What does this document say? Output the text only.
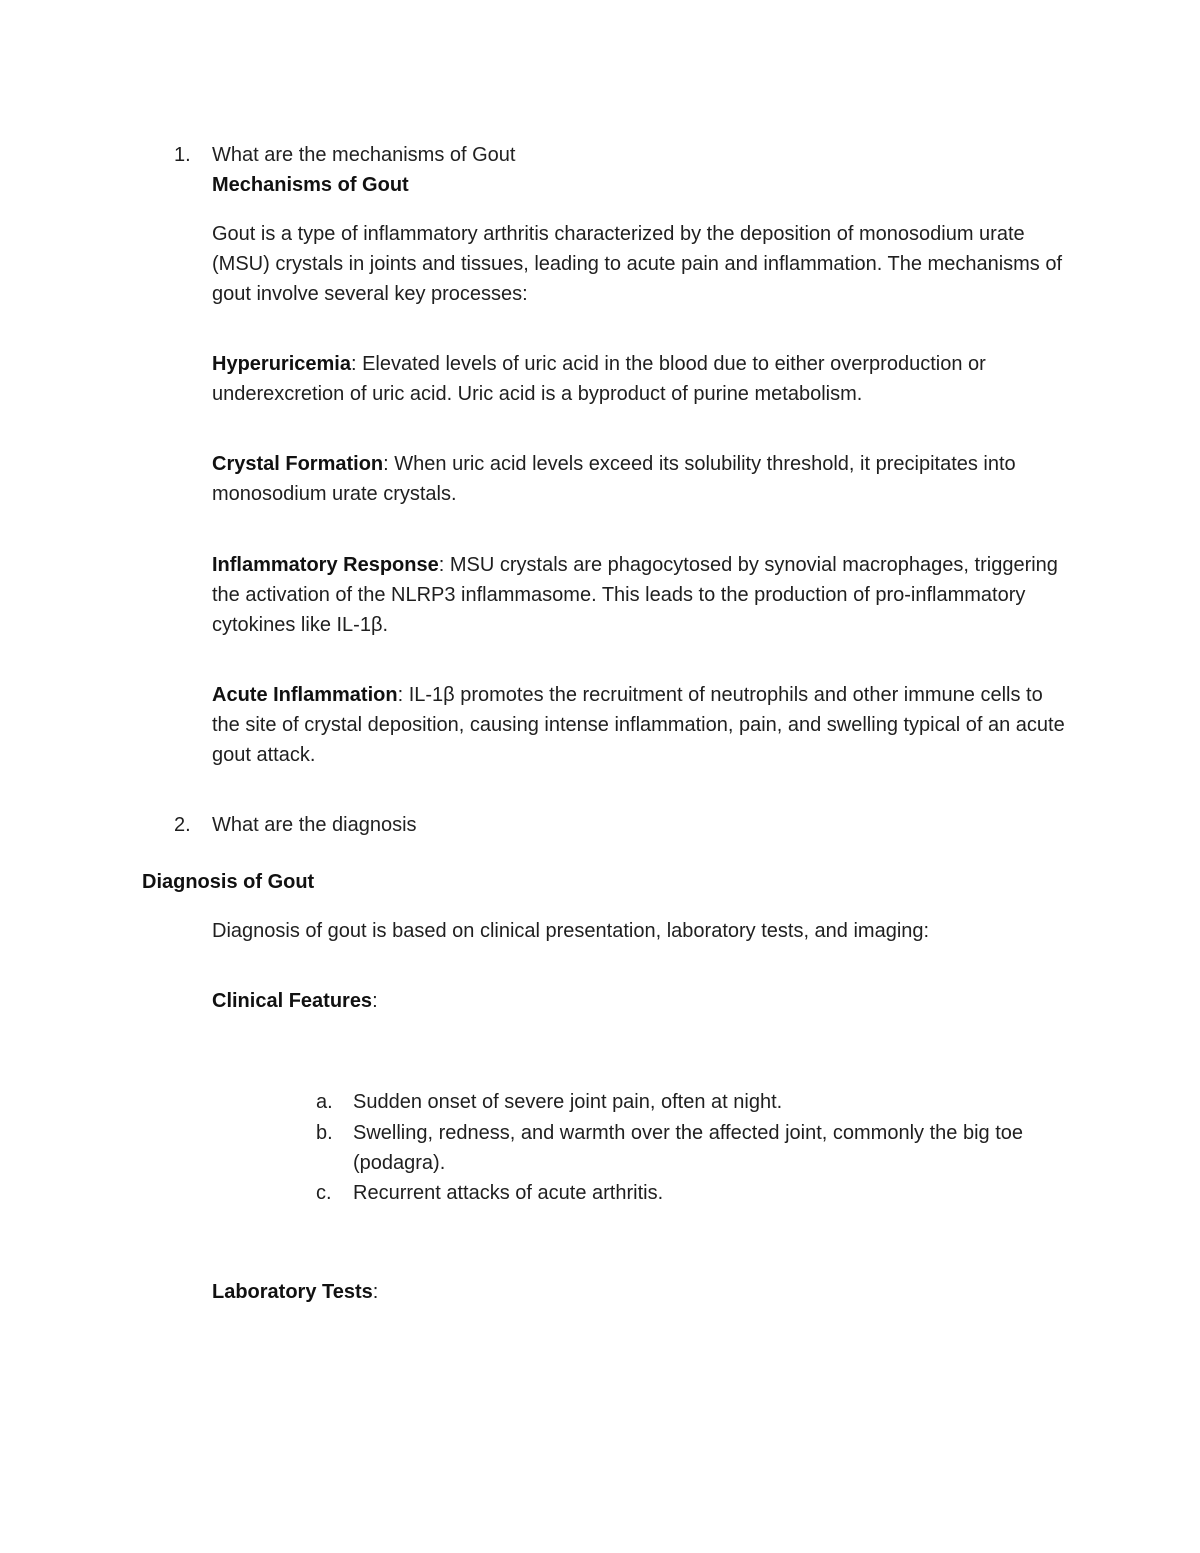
1.	What are the mechanisms of Gout
Mechanisms of Gout
Gout is a type of inflammatory arthritis characterized by the deposition of monosodium urate (MSU) crystals in joints and tissues, leading to acute pain and inflammation. The mechanisms of gout involve several key processes:
Hyperuricemia: Elevated levels of uric acid in the blood due to either overproduction or underexcretion of uric acid. Uric acid is a byproduct of purine metabolism.
Crystal Formation: When uric acid levels exceed its solubility threshold, it precipitates into monosodium urate crystals.
Inflammatory Response: MSU crystals are phagocytosed by synovial macrophages, triggering the activation of the NLRP3 inflammasome. This leads to the production of pro-inflammatory cytokines like IL-1β.
Acute Inflammation: IL-1β promotes the recruitment of neutrophils and other immune cells to the site of crystal deposition, causing intense inflammation, pain, and swelling typical of an acute gout attack.
2.	What are the diagnosis
Diagnosis of Gout
Diagnosis of gout is based on clinical presentation, laboratory tests, and imaging:
Clinical Features:
a.	Sudden onset of severe joint pain, often at night.
b.	Swelling, redness, and warmth over the affected joint, commonly the big toe (podagra).
c.	Recurrent attacks of acute arthritis.
Laboratory Tests:
